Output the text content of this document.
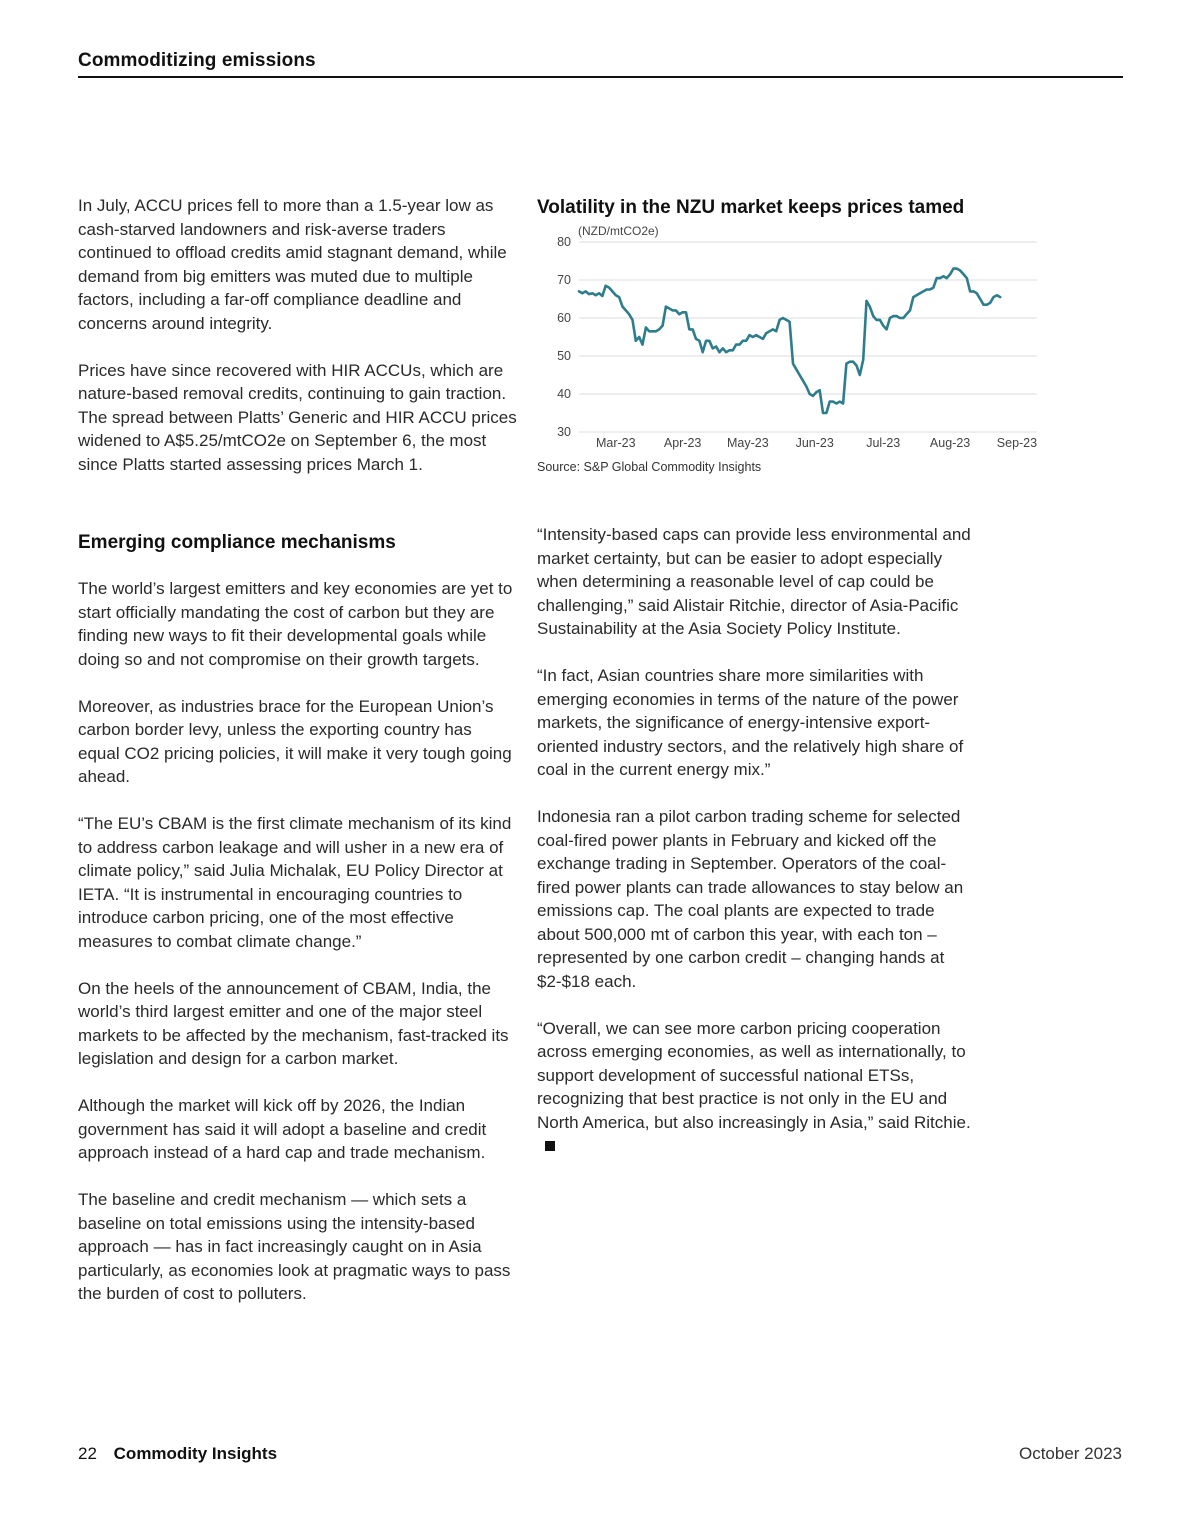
Commoditizing emissions

In July, ACCU prices fell to more than a 1.5-year low as cash-starved landowners and risk-averse traders continued to offload credits amid stagnant demand, while demand from big emitters was muted due to multiple factors, including a far-off compliance deadline and concerns around integrity.

Prices have since recovered with HIR ACCUs, which are nature-based removal credits, continuing to gain traction. The spread between Platts’ Generic and HIR ACCU prices widened to A$5.25/mtCO2e on September 6, the most since Platts started assessing prices March 1.

Volatility in the NZU market keeps prices tamed
(NZD/mtCO2e)
30
40
50
60
70
80
Mar-23 Apr-23 May-23 Jun-23	Jul-23 Aug-23 Sep-23
Source: S&P Global Commodity Insights
Emerging compliance mechanisms

The world’s largest emitters and key economies are yet to start officially mandating the cost of carbon but they are finding new ways to fit their developmental goals while doing so and not compromise on their growth targets.

Moreover, as industries brace for the European Union’s carbon border levy, unless the exporting country has equal CO2 pricing policies, it will make it very tough going ahead.

“The EU’s CBAM is the first climate mechanism of its kind to address carbon leakage and will usher in a new era of climate policy,” said Julia Michalak, EU Policy Director at IETA. “It is instrumental in encouraging countries to introduce carbon pricing, one of the most effective measures to combat climate change.”

On the heels of the announcement of CBAM, India, the world’s third largest emitter and one of the major steel markets to be affected by the mechanism, fast-tracked its legislation and design for a carbon market.

Although the market will kick off by 2026, the Indian government has said it will adopt a baseline and credit approach instead of a hard cap and trade mechanism.

The baseline and credit mechanism — which sets a baseline on total emissions using the intensity-based approach — has in fact increasingly caught on in Asia particularly, as economies look at pragmatic ways to pass the burden of cost to polluters.

“Intensity-based caps can provide less environmental and market certainty, but can be easier to adopt especially when determining a reasonable level of cap could be challenging,” said Alistair Ritchie, director of Asia-Pacific Sustainability at the Asia Society Policy Institute.

“In fact, Asian countries share more similarities with emerging economies in terms of the nature of the power markets, the significance of energy-intensive export-oriented industry sectors, and the relatively high share of coal in the current energy mix.”

Indonesia ran a pilot carbon trading scheme for selected coal-fired power plants in February and kicked off the exchange trading in September. Operators of the coal-fired power plants can trade allowances to stay below an emissions cap. The coal plants are expected to trade about 500,000 mt of carbon this year, with each ton – represented by one carbon credit – changing hands at $2-$18 each.

“Overall, we can see more carbon pricing cooperation across emerging economies, as well as internationally, to support development of successful national ETSs, recognizing that best practice is not only in the EU and North America, but also increasingly in Asia,” said Ritchie.

22 Commodity Insights	October 2023
